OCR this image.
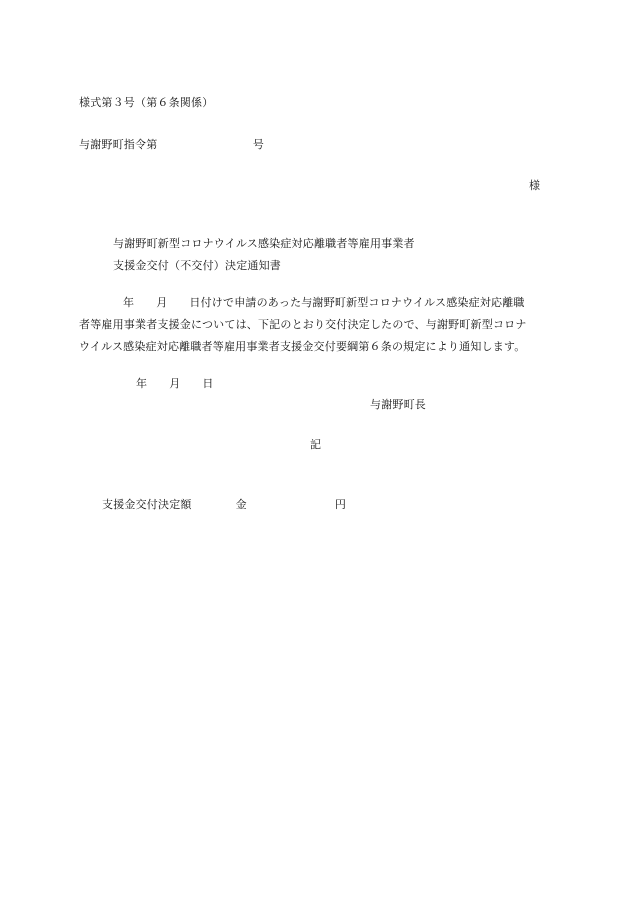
様式第３号（第６条関係）
与謝野町指令第	号
様
与謝野町新型コロナウイルス感染症対応離職者等雇用事業者
支援金交付（不交付）決定通知書
年 月 日付けで申請のあった与謝野町新型コロナウイルス感染症対応離職
者等雇用事業者支援金については、下記のとおり交付決定したので、与謝野町新型コロナ
ウイルス感染症対応離職者等雇用事業者支援金交付要綱第６条の規定により通知します。
年 月 日
与謝野町長
記
支援金交付決定額	金	円
